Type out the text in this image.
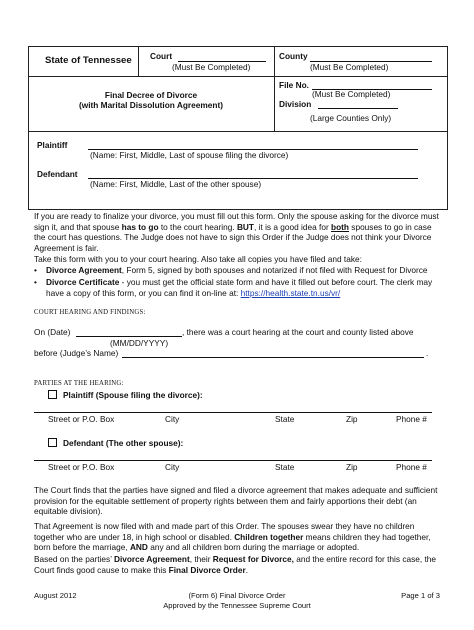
State of Tennessee Court
(Must Be Completed)
County
(Must Be Completed)
Final Decree of Divorce
(with Marital Dissolution Agreement)
File No.
(Must Be Completed)
Division
(Large Counties Only)
Plaintiff
(Name: First, Middle, Last of spouse filing the divorce)
Defendant
(Name: First, Middle, Last of the other spouse)
If you are ready to finalize your divorce, you must fill out this form. Only the spouse asking for the divorce must sign it, and that spouse has to go to the court hearing. BUT, it is a good idea for both spouses to go in case the court has questions. The Judge does not have to sign this Order if the Judge does not think your Divorce Agreement is fair.
Take this form with you to your court hearing. Also take all copies you have filed and take:
• Divorce Agreement, Form 5, signed by both spouses and notarized if not filed with Request for Divorce
• Divorce Certificate - you must get the official state form and have it filled out before court. The clerk may have a copy of this form, or you can find it on-line at: https://health.state.tn.us/vr/
COURT HEARING AND FINDINGS:
On (Date)	, there was a court hearing at the court and county listed above
(MM/DD/YYYY)
before (Judge’s Name)	.
PARTIES AT THE HEARING:
Plaintiff (Spouse filing the divorce):
Street or P.O. Box	City	State	Zip	Phone #
Defendant (The other spouse):
Street or P.O. Box	City	State	Zip	Phone #
The Court finds that the parties have signed and filed a divorce agreement that makes adequate and sufficient provision for the equitable settlement of property rights between them and fairly apportions their debt (an equitable division).
That Agreement is now filed with and made part of this Order. The spouses swear they have no children together who are under 18, in high school or disabled. Children together means children they had together, born before the marriage, AND any and all children born during the marriage or adopted.
Based on the parties’ Divorce Agreement, their Request for Divorce, and the entire record for this case, the Court finds good cause to make this Final Divorce Order.
August 2012	(Form 6) Final Divorce Order
Approved by the Tennessee Supreme Court
Page 1 of 3
